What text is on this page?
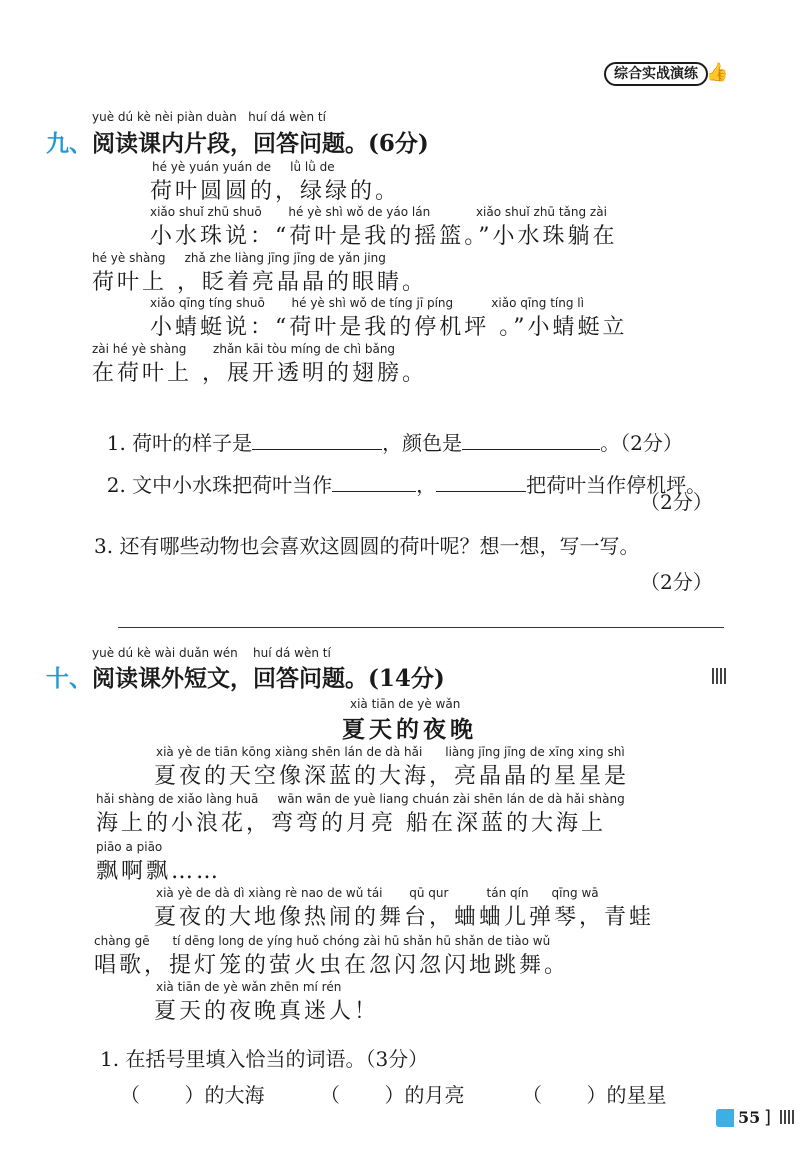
综合实战演练 👍
yuè dú kè nèi piàn duàn   huí dá wèn tí
九、阅读课内片段，回答问题。(6分)
hé yè yuán yuán de     lǜ lǜ de
荷叶圆圆的，绿绿的。
xiǎo shuǐ zhū shuō       hé yè shì wǒ de yáo lán            xiǎo shuǐ zhū tǎng zài
小水珠说：“荷叶是我的摇篮。”小水珠躺在
hé yè shàng     zhǎ zhe liàng jīng jīng de yǎn jing
荷叶上 ，眨着亮晶晶的眼睛。
xiǎo qīng tíng shuō       hé yè shì wǒ de tíng jī píng          xiǎo qīng tíng lì
小蜻蜓说：“荷叶是我的停机坪 。”小蜻蜓立
zài hé yè shàng       zhǎn kāi tòu míng de chì bǎng
在荷叶上 ，展开透明的翅膀。

1. 荷叶的样子是	，颜色是	。（2分）

2. 文中小水珠把荷叶当作	，	把荷叶当作停机坪。

（2分）
3. 还有哪些动物也会喜欢这圆圆的荷叶呢？想一想，写一写。
（2分）
yuè dú kè wài duǎn wén    huí dá wèn tí
十、阅读课外短文，回答问题。(14分)
xià tiān de yè wǎn
夏天的夜晚
xià yè de tiān kōng xiàng shēn lán de dà hǎi      liàng jīng jīng de xīng xing shì
夏夜的天空像深蓝的大海，亮晶晶的星星是
hǎi shàng de xiǎo làng huā     wān wān de yuè liang chuán zài shēn lán de dà hǎi shàng
海上的小浪花，弯弯的月亮 船在深蓝的大海上
piāo a piāo
飘啊飘……
xià yè de dà dì xiàng rè nao de wǔ tái       qū qur          tán qín      qīng wā
夏夜的大地像热闹的舞台，蛐蛐儿弹琴，青蛙
chàng gē      tí dēng long de yíng huǒ chóng zài hū shǎn hū shǎn de tiào wǔ
唱歌，提灯笼的萤火虫在忽闪忽闪地跳舞。
xià tiān de yè wǎn zhēn mí rén
夏天的夜晚真迷人！
1. 在括号里填入恰当的词语。（3分）
（       ）的大海	（       ）的月亮	（       ）的星星
55 ]
